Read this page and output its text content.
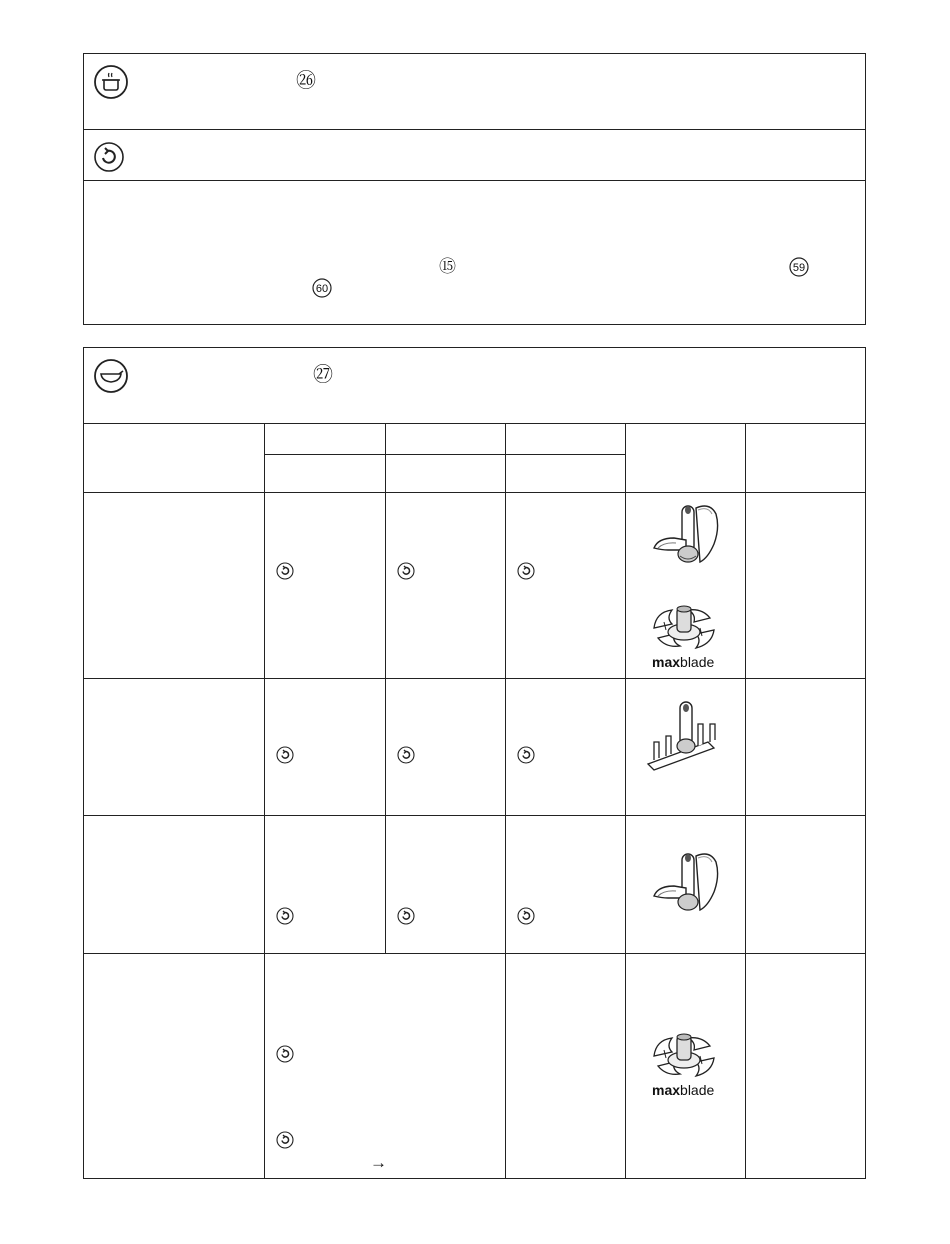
㉖
⑮	59
60
㉗
→
maxblade
maxblade
